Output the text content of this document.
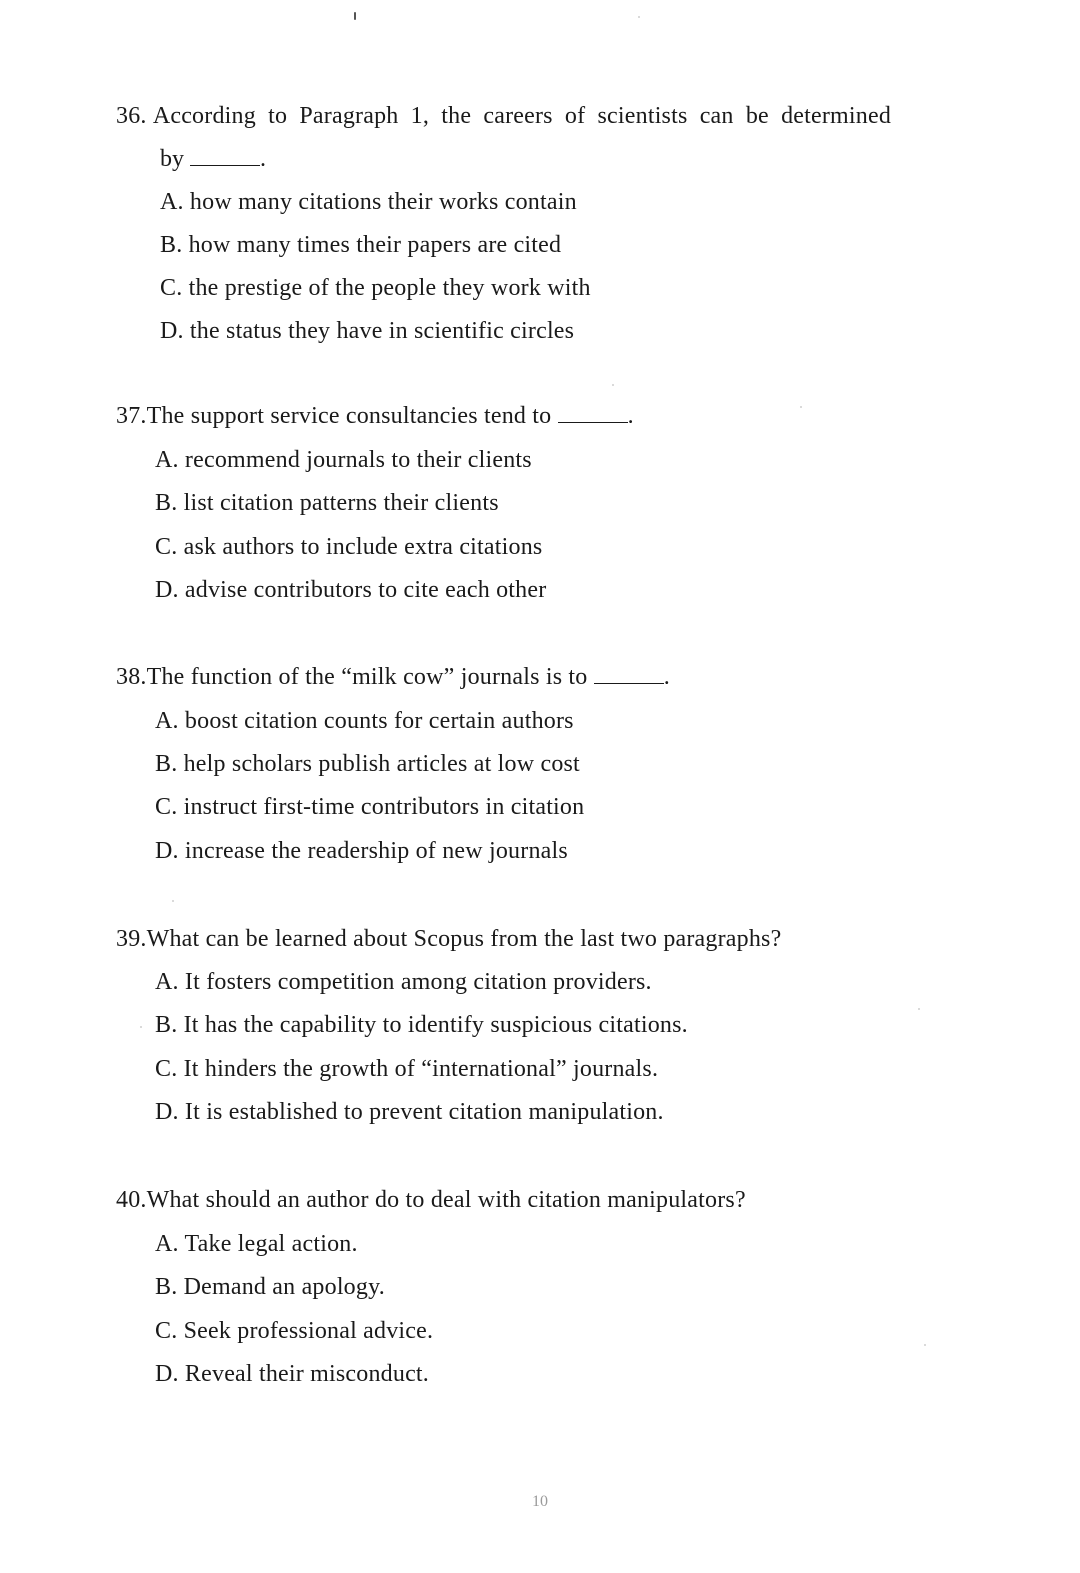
36. According to Paragraph 1, the careers of scientists can be determined
by	.
A. how many citations their works contain
B. how many times their papers are cited
C. the prestige of the people they work with
D. the status they have in scientific circles
37.The support service consultancies tend to	.
A. recommend journals to their clients
B. list citation patterns their clients
C. ask authors to include extra citations
D. advise contributors to cite each other
38.The function of the “milk cow” journals is to	.
A. boost citation counts for certain authors
B. help scholars publish articles at low cost
C. instruct first-time contributors in citation
D. increase the readership of new journals
39.What can be learned about Scopus from the last two paragraphs?
A. It fosters competition among citation providers.
B. It has the capability to identify suspicious citations.
C. It hinders the growth of “international” journals.
D. It is established to prevent citation manipulation.
40.What should an author do to deal with citation manipulators?
A. Take legal action.
B. Demand an apology.
C. Seek professional advice.
D. Reveal their misconduct.
10
